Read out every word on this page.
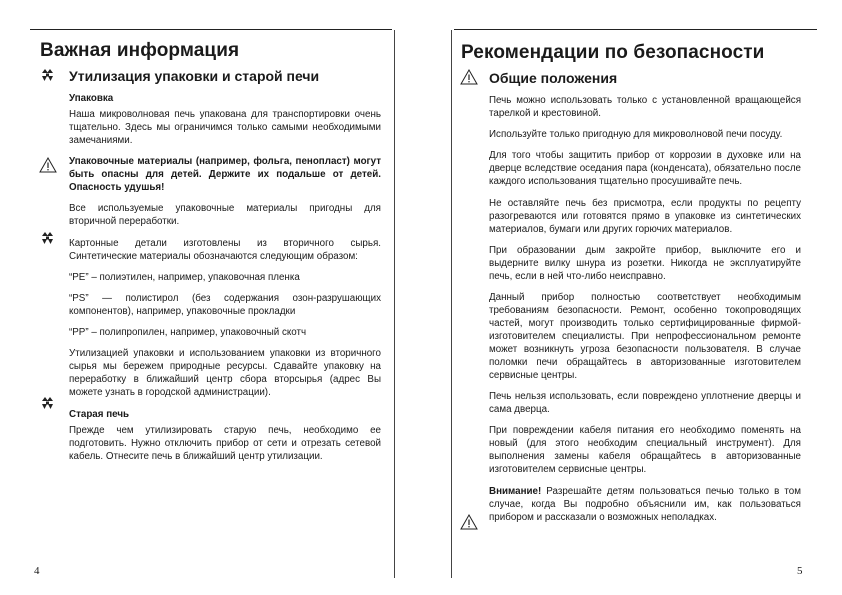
Важная информация
Утилизация упаковки и старой печи

Упаковка

Наша микроволновая печь упакована для транспортировки очень тщательно. Здесь мы ограничимся только самыми необходимыми замечаниями.

Упаковочные материалы (например, фольга, пенопласт) могут быть опасны для детей. Держите их подальше от детей. Опасность удушья!

Все используемые упаковочные материалы пригодны для вторичной переработки.

Картонные детали изготовлены из вторичного сырья. Синтетические материалы обозначаются следующим образом:

“PE” – полиэтилен, например, упаковочная пленка

“PS” — полистирол (без содержания озон-разрушающих компонентов), например, упаковочные прокладки

“PP” – полипропилен, например, упаковочный скотч

Утилизацией упаковки и использованием упаковки из вторичного сырья мы бережем природные ресурсы. Сдавайте упаковку на переработку в ближайший центр сбора вторсырья (адрес Вы можете узнать в городской администрации).

Старая печь

Прежде чем утилизировать старую печь, необходимо ее подготовить. Нужно отключить прибор от сети и отрезать сетевой кабель. Отнесите печь в ближайший центр утилизации.

4
Рекомендации по безопасности
Общие положения

Печь можно использовать только с установленной вращающейся тарелкой и крестовиной.

Используйте только пригодную для микроволновой печи посуду.

Для того чтобы защитить прибор от коррозии в духовке или на дверце вследствие оседания пара (конденсата), обязательно после каждого использования тщательно просушивайте печь.

Не оставляйте печь без присмотра, если продукты по рецепту разогреваются или готовятся прямо в упаковке из синтетических материалов, бумаги или других горючих материалов.

При образовании дым закройте прибор, выключите его и выдерните вилку шнура из розетки. Никогда не эксплуатируйте печь, если в ней что-либо неисправно.

Данный прибор полностью соответствует необходимым требованиям безопасности. Ремонт, особенно токопроводящих частей, могут производить только сертифицированные фирмой-изготовителем специалисты. При непрофессиональном ремонте может возникнуть угроза безопасности пользователя. В случае поломки печи обращайтесь в авторизованные изготовителем сервисные центры.

Печь нельзя использовать, если повреждено уплотнение дверцы и сама дверца.

При повреждении кабеля питания его необходимо поменять на новый (для этого необходим специальный инструмент). Для выполнения замены кабеля обращайтесь в авторизованные изготовителем сервисные центры.

Внимание! Разрешайте детям пользоваться печью только в том случае, когда Вы подробно объяснили им, как пользоваться прибором и рассказали о возможных неполадках.

5
